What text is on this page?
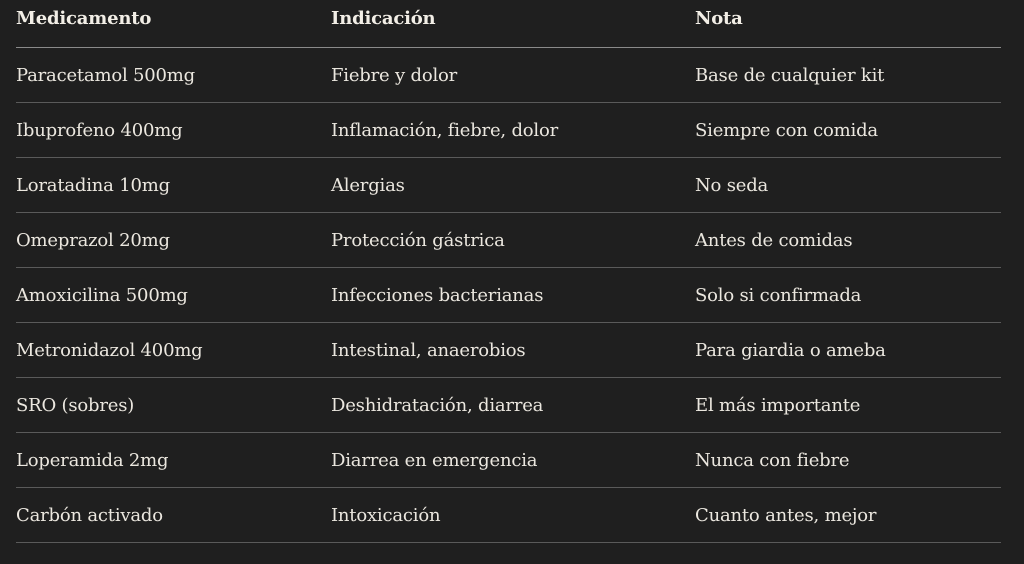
Medicamento	Indicación	Nota
Paracetamol 500mg	Fiebre y dolor	Base de cualquier kit
Ibuprofeno 400mg	Inflamación, fiebre, dolor	Siempre con comida
Loratadina 10mg	Alergias	No seda
Omeprazol 20mg	Protección gástrica	Antes de comidas
Amoxicilina 500mg	Infecciones bacterianas	Solo si confirmada
Metronidazol 400mg	Intestinal, anaerobios	Para giardia o ameba
SRO (sobres)	Deshidratación, diarrea	El más importante
Loperamida 2mg	Diarrea en emergencia	Nunca con fiebre
Carbón activado	Intoxicación	Cuanto antes, mejor
